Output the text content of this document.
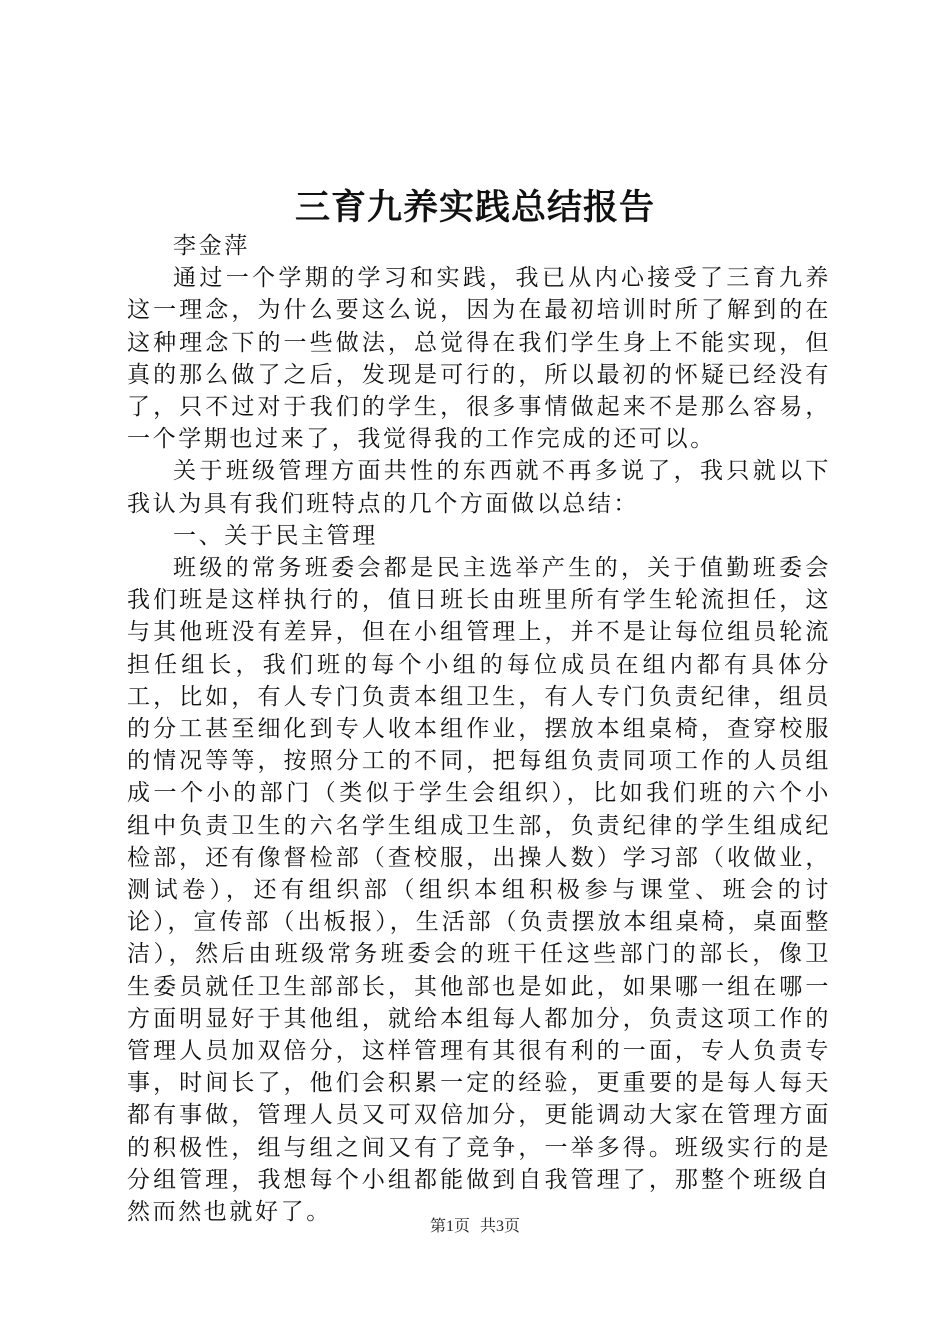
三育九养实践总结报告

李金萍

通过一个学期的学习和实践，我已从内心接受了三育九养这一理念，为什么要这么说，因为在最初培训时所了解到的在这种理念下的一些做法，总觉得在我们学生身上不能实现，但真的那么做了之后，发现是可行的，所以最初的怀疑已经没有了，只不过对于我们的学生，很多事情做起来不是那么容易，一个学期也过来了，我觉得我的工作完成的还可以。

关于班级管理方面共性的东西就不再多说了，我只就以下我认为具有我们班特点的几个方面做以总结：

一、关于民主管理

班级的常务班委会都是民主选举产生的，关于值勤班委会我们班是这样执行的，值日班长由班里所有学生轮流担任，这与其他班没有差异，但在小组管理上，并不是让每位组员轮流担任组长，我们班的每个小组的每位成员在组内都有具体分工，比如，有人专门负责本组卫生，有人专门负责纪律，组员的分工甚至细化到专人收本组作业，摆放本组桌椅，查穿校服的情况等等，按照分工的不同，把每组负责同项工作的人员组成一个小的部门（类似于学生会组织），比如我们班的六个小组中负责卫生的六名学生组成卫生部，负责纪律的学生组成纪检部，还有像督检部（查校服，出操人数）学习部（收做业，测试卷），还有组织部（组织本组积极参与课堂、班会的讨论），宣传部（出板报），生活部（负责摆放本组桌椅，桌面整洁），然后由班级常务班委会的班干任这些部门的部长，像卫生委员就任卫生部部长，其他部也是如此，如果哪一组在哪一方面明显好于其他组，就给本组每人都加分，负责这项工作的管理人员加双倍分，这样管理有其很有利的一面，专人负责专事，时间长了，他们会积累一定的经验，更重要的是每人每天都有事做，管理人员又可双倍加分，更能调动大家在管理方面的积极性，组与组之间又有了竞争，一举多得。班级实行的是分组管理，我想每个小组都能做到自我管理了，那整个班级自然而然也就好了。

第1页 共3页
